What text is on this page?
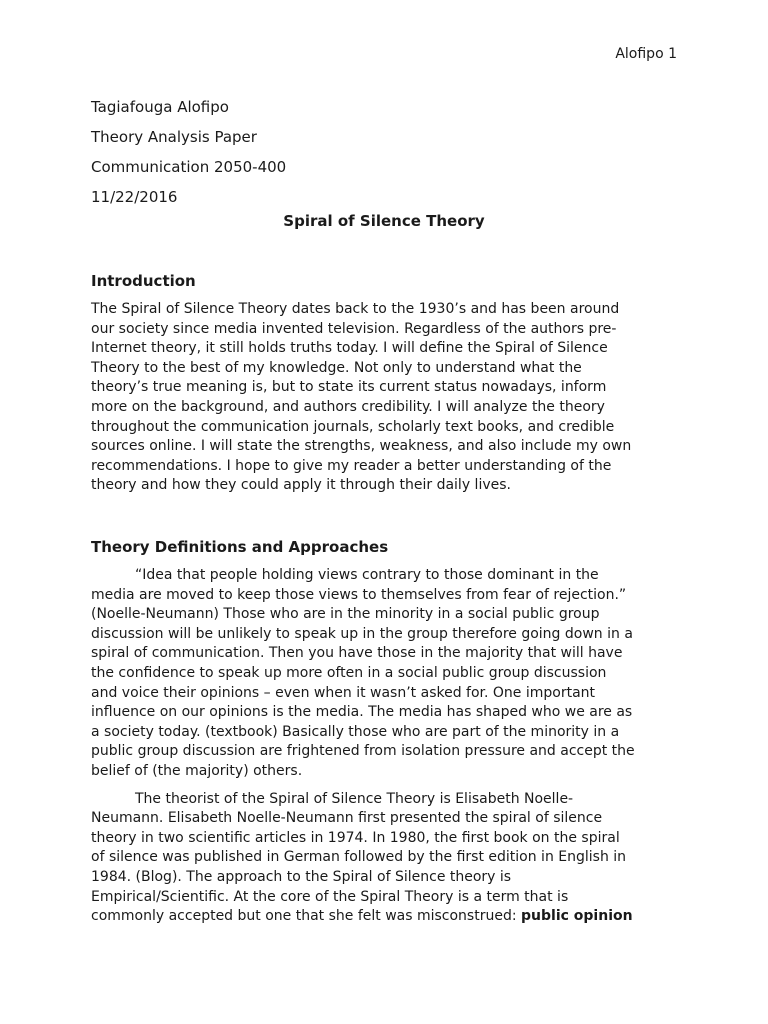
Alofipo 1
Tagiafouga Alofipo
Theory Analysis Paper
Communication 2050-400
11/22/2016
Spiral of Silence Theory
Introduction
The Spiral of Silence Theory dates back to the 1930’s and has been around
our society since media invented television. Regardless of the authors pre-
Internet theory, it still holds truths today. I will define the Spiral of Silence
Theory to the best of my knowledge. Not only to understand what the
theory’s true meaning is, but to state its current status nowadays, inform
more on the background, and authors credibility. I will analyze the theory
throughout the communication journals, scholarly text books, and credible
sources online. I will state the strengths, weakness, and also include my own
recommendations. I hope to give my reader a better understanding of the
theory and how they could apply it through their daily lives.
Theory Definitions and Approaches
“Idea that people holding views contrary to those dominant in the
media are moved to keep those views to themselves from fear of rejection.”
(Noelle-Neumann) Those who are in the minority in a social public group
discussion will be unlikely to speak up in the group therefore going down in a
spiral of communication. Then you have those in the majority that will have
the confidence to speak up more often in a social public group discussion
and voice their opinions – even when it wasn’t asked for. One important
influence on our opinions is the media. The media has shaped who we are as
a society today. (textbook) Basically those who are part of the minority in a
public group discussion are frightened from isolation pressure and accept the
belief of (the majority) others.
The theorist of the Spiral of Silence Theory is Elisabeth Noelle-
Neumann. Elisabeth Noelle-Neumann first presented the spiral of silence
theory in two scientific articles in 1974. In 1980, the first book on the spiral
of silence was published in German followed by the first edition in English in
1984. (Blog). The approach to the Spiral of Silence theory is
Empirical/Scientific. At the core of the Spiral Theory is a term that is
commonly accepted but one that she felt was misconstrued: public opinion
